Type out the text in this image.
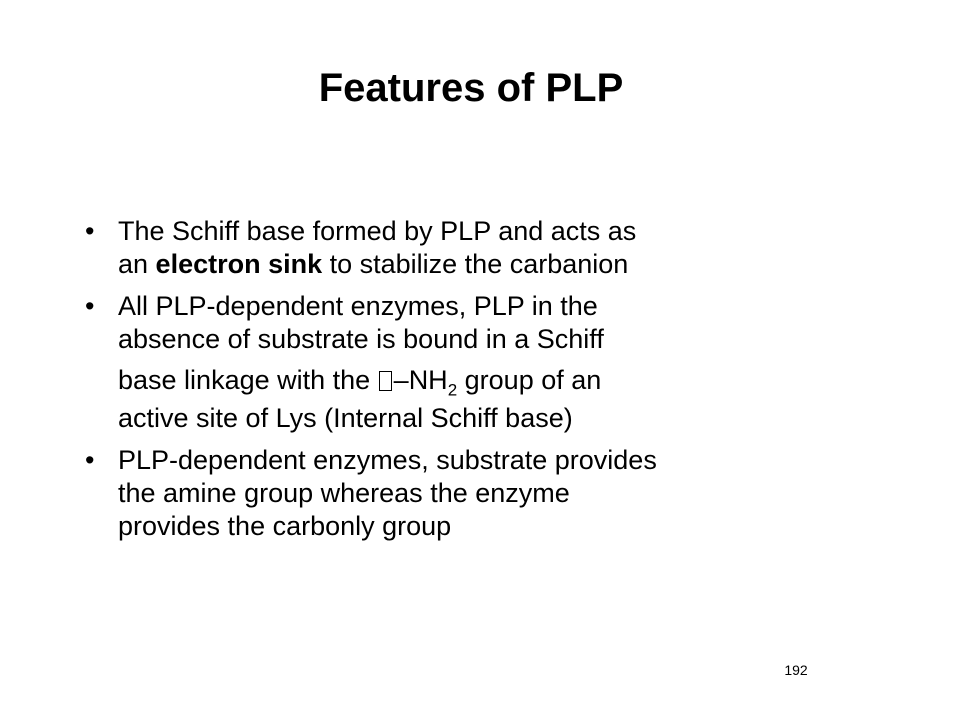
Features of PLP
• The Schiff base formed by PLP and acts as
an electron sink to stabilize the carbanion
• All PLP-dependent enzymes, PLP in the
absence of substrate is bound in a Schiff
base linkage with the $-NH_2$ group of an
active site of Lys (Internal Schiff base)
• PLP-dependent enzymes, substrate provides
the amine group whereas the enzyme
provides the carbonly group
192
